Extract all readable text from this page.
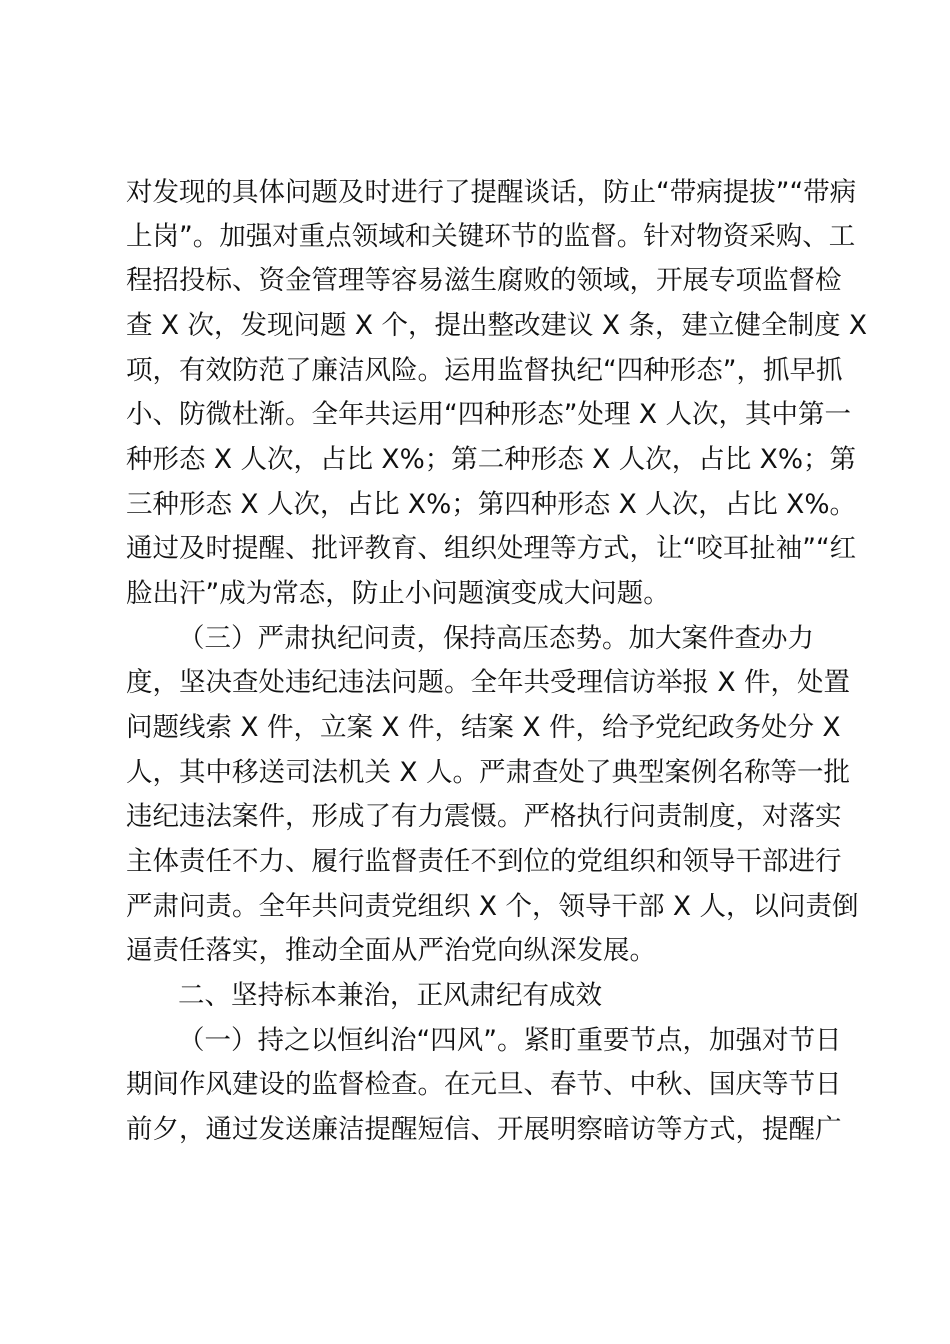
对发现的具体问题及时进行了提醒谈话，防止“带病提拔”“带病
上岗”。加强对重点领域和关键环节的监督。针对物资采购、工
程招投标、资金管理等容易滋生腐败的领域，开展专项监督检
查 X 次，发现问题 X 个，提出整改建议 X 条，建立健全制度 X
项，有效防范了廉洁风险。运用监督执纪“四种形态”，抓早抓
小、防微杜渐。全年共运用“四种形态”处理 X 人次，其中第一
种形态 X 人次，占比 X%；第二种形态 X 人次，占比 X%；第
三种形态 X 人次，占比 X%；第四种形态 X 人次，占比 X%。
通过及时提醒、批评教育、组织处理等方式，让“咬耳扯袖”“红
脸出汗”成为常态，防止小问题演变成大问题。
（三）严肃执纪问责，保持高压态势。加大案件查办力
度，坚决查处违纪违法问题。全年共受理信访举报 X 件，处置
问题线索 X 件，立案 X 件，结案 X 件，给予党纪政务处分 X
人，其中移送司法机关 X 人。严肃查处了典型案例名称等一批
违纪违法案件，形成了有力震慑。严格执行问责制度，对落实
主体责任不力、履行监督责任不到位的党组织和领导干部进行
严肃问责。全年共问责党组织 X 个，领导干部 X 人，以问责倒
逼责任落实，推动全面从严治党向纵深发展。
二、坚持标本兼治，正风肃纪有成效
（一）持之以恒纠治“四风”。紧盯重要节点，加强对节日
期间作风建设的监督检查。在元旦、春节、中秋、国庆等节日
前夕，通过发送廉洁提醒短信、开展明察暗访等方式，提醒广
